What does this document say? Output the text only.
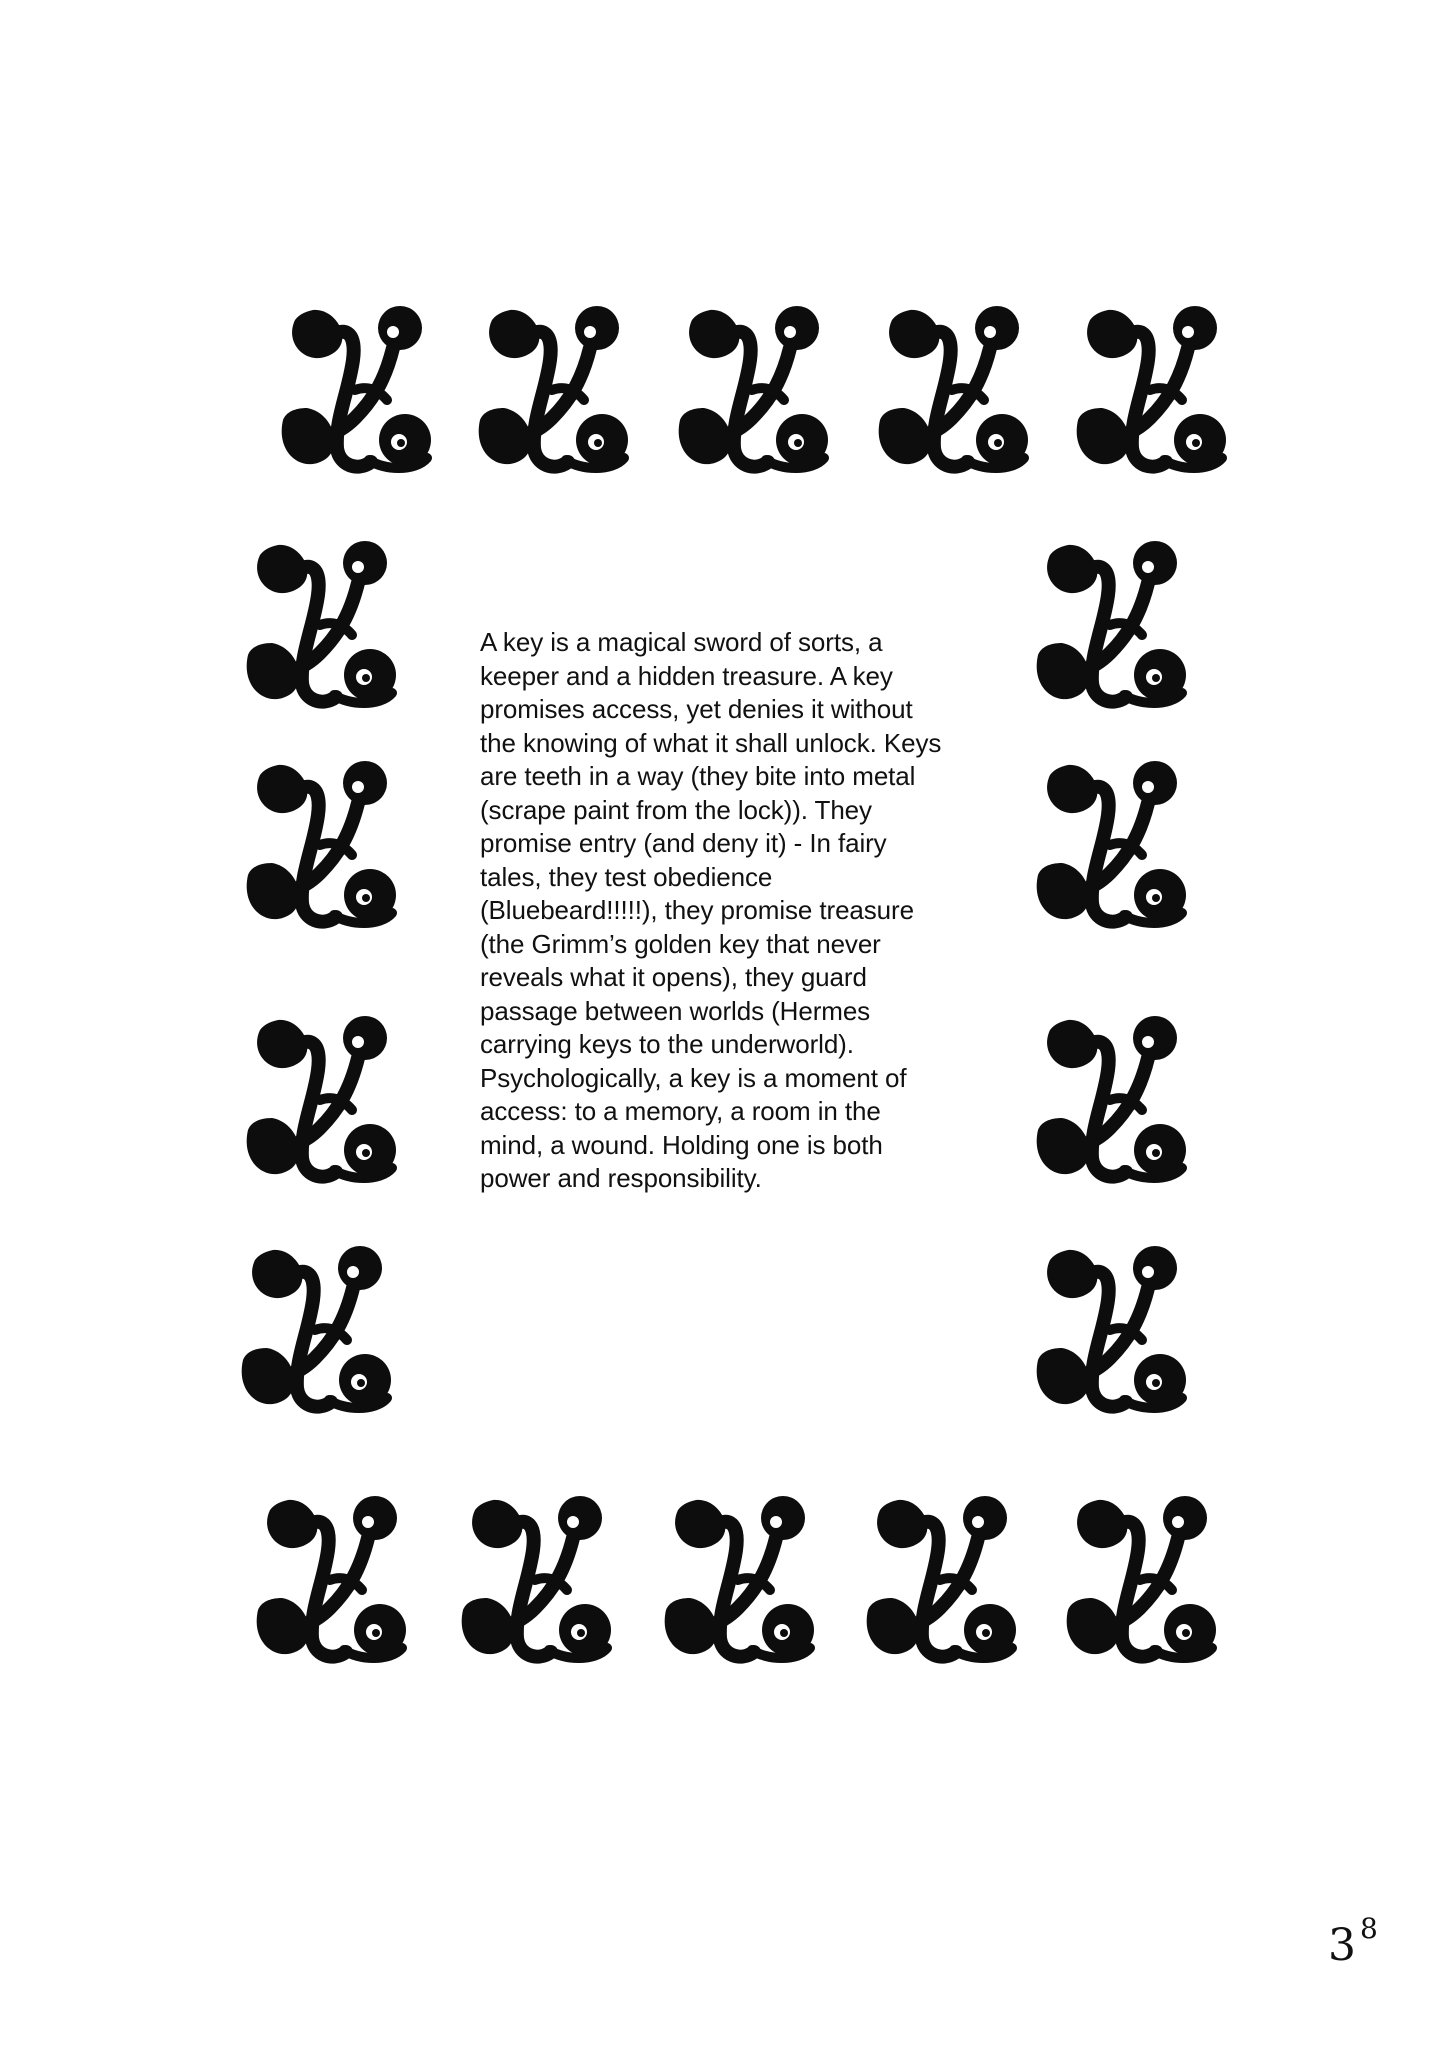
A key is a magical sword of sorts, a
keeper and a hidden treasure. A key
promises access, yet denies it without
the knowing of what it shall unlock. Keys
are teeth in a way (they bite into metal
(scrape paint from the lock)). They
promise entry (and deny it) - In fairy
tales, they test obedience
(Bluebeard!!!!!), they promise treasure
(the Grimm’s golden key that never
reveals what it opens), they guard
passage between worlds (Hermes
carrying keys to the underworld).
Psychologically, a key is a moment of
access: to a memory, a room in the
mind, a wound. Holding one is both
power and responsibility.
$3^8$
